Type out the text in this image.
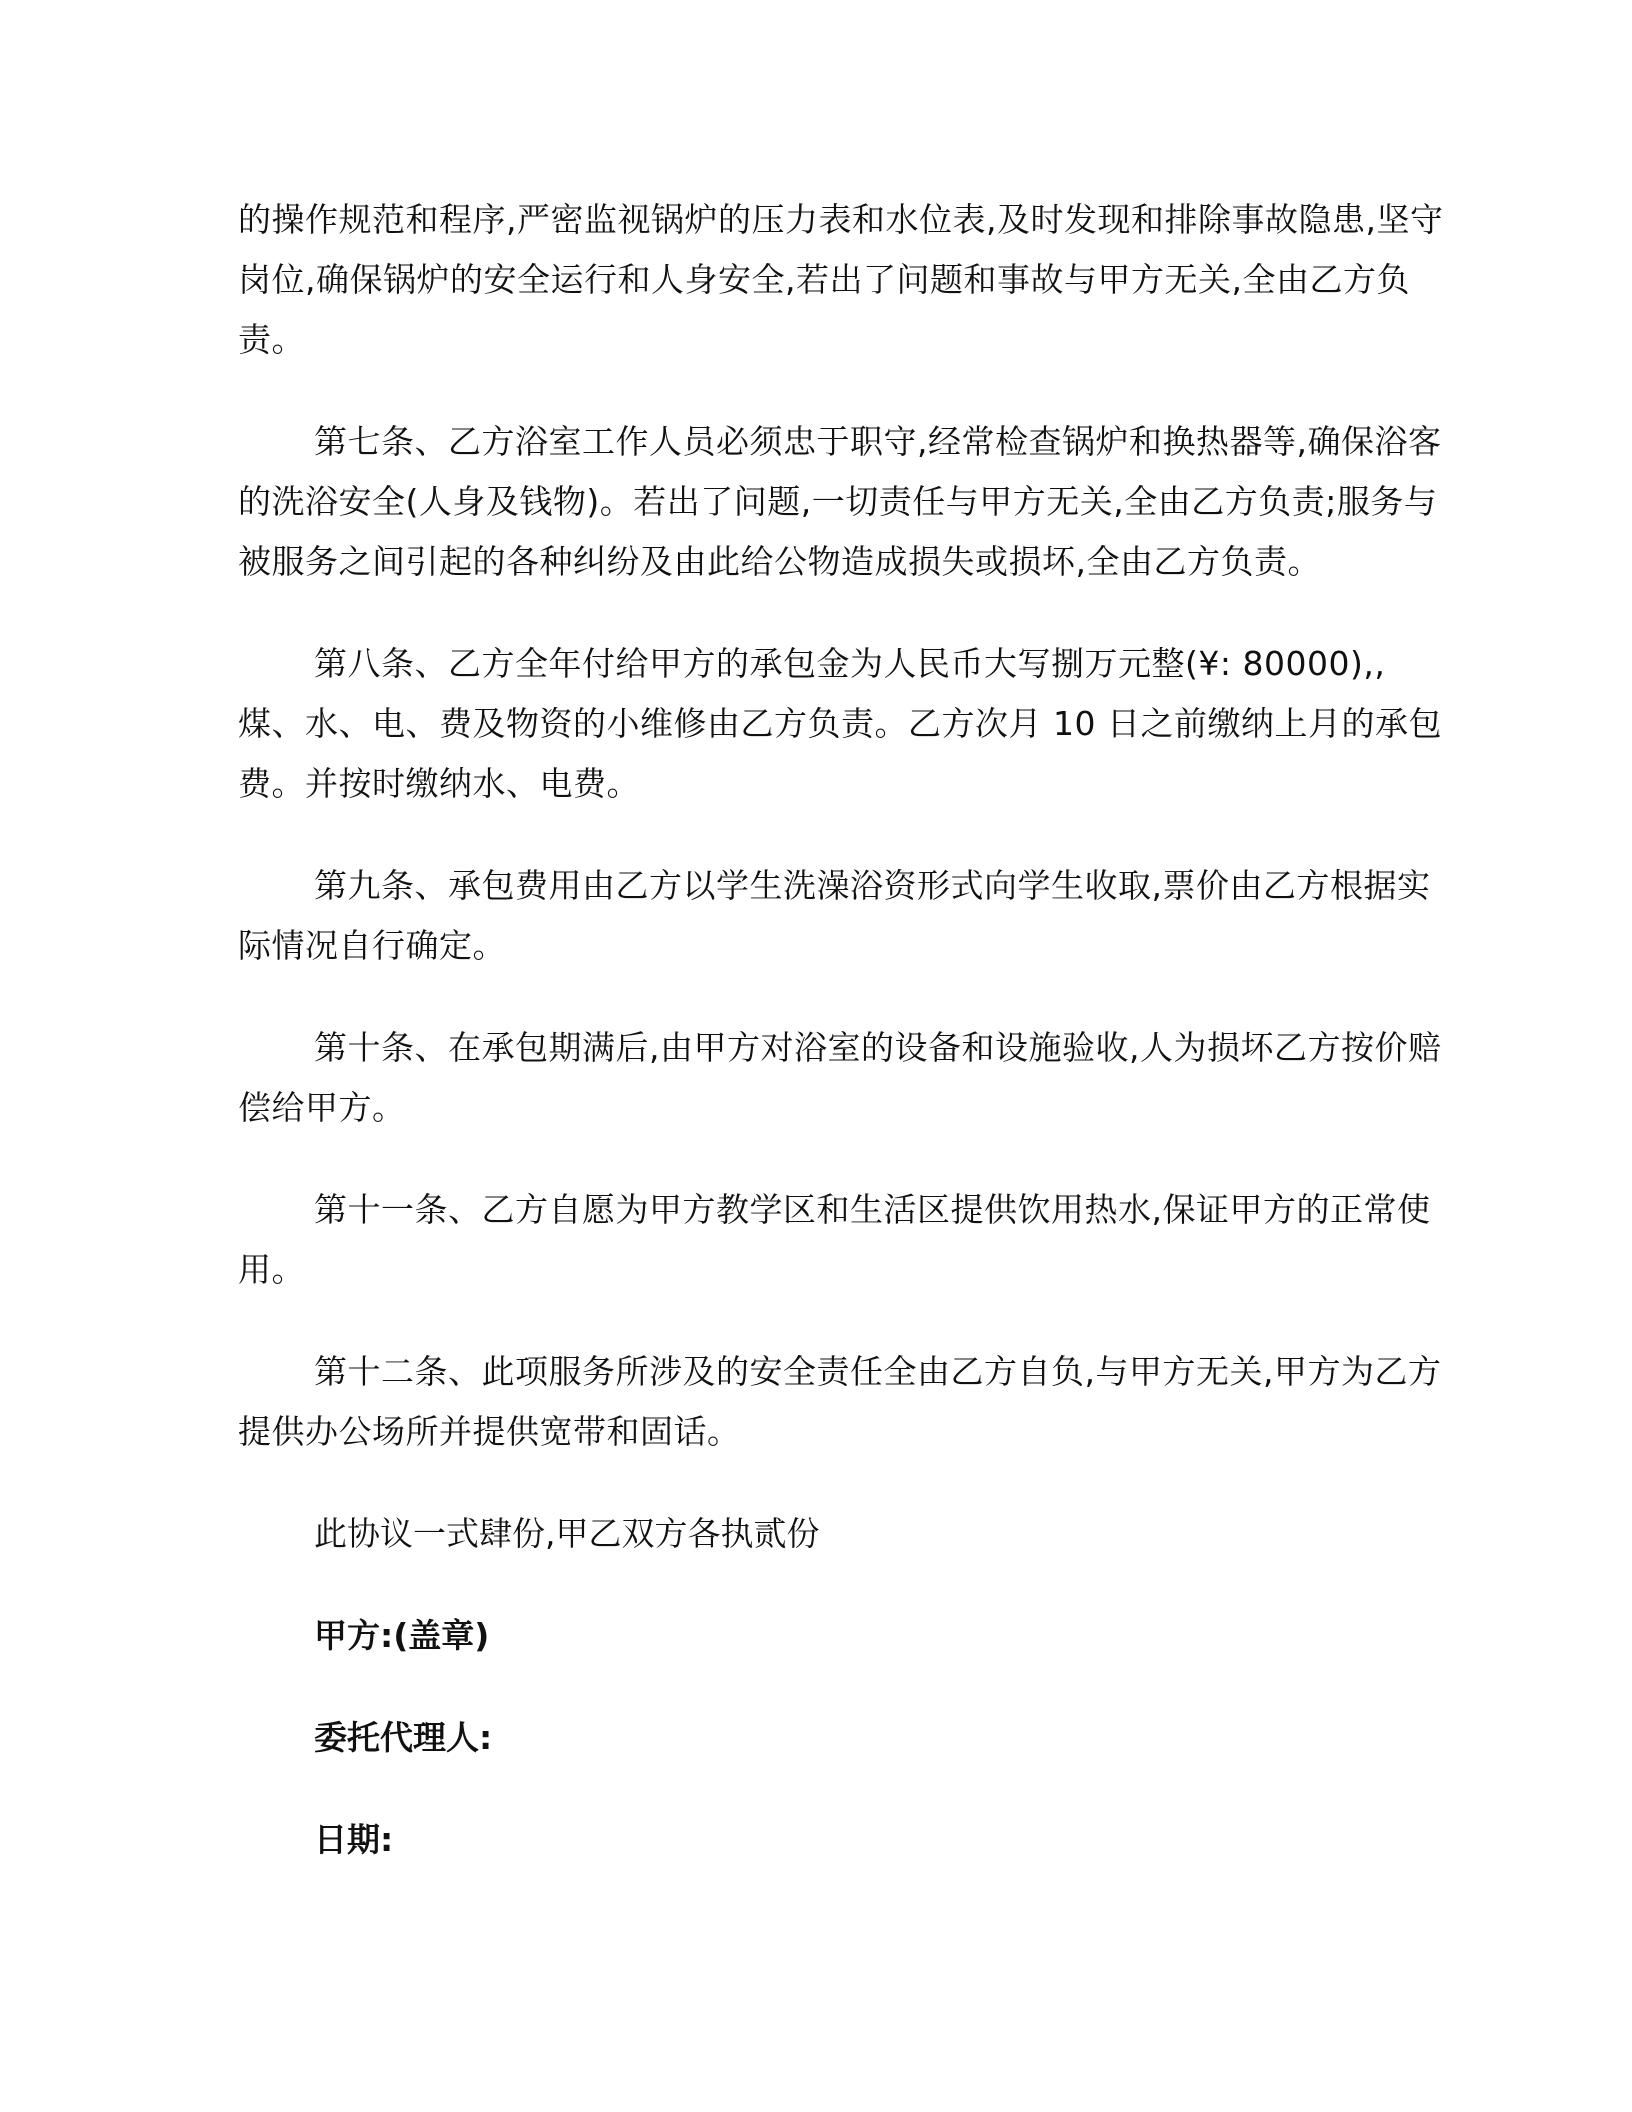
的操作规范和程序,严密监视锅炉的压力表和水位表,及时发现和排除事故隐患,坚守
岗位,确保锅炉的安全运行和人身安全,若出了问题和事故与甲方无关,全由乙方负
责。
第七条、乙方浴室工作人员必须忠于职守,经常检查锅炉和换热器等,确保浴客
的洗浴安全(人身及钱物)。若出了问题,一切责任与甲方无关,全由乙方负责;服务与
被服务之间引起的各种纠纷及由此给公物造成损失或损坏,全由乙方负责。
第八条、乙方全年付给甲方的承包金为人民币大写捌万元整(¥: 80000),,
煤、水、电、费及物资的小维修由乙方负责。乙方次月 10 日之前缴纳上月的承包
费。并按时缴纳水、电费。
第九条、承包费用由乙方以学生洗澡浴资形式向学生收取,票价由乙方根据实
际情况自行确定。
第十条、在承包期满后,由甲方对浴室的设备和设施验收,人为损坏乙方按价赔
偿给甲方。
第十一条、乙方自愿为甲方教学区和生活区提供饮用热水,保证甲方的正常使
用。
第十二条、此项服务所涉及的安全责任全由乙方自负,与甲方无关,甲方为乙方
提供办公场所并提供宽带和固话。
此协议一式肆份,甲乙双方各执贰份
甲方:(盖章)
委托代理人:
日期:
